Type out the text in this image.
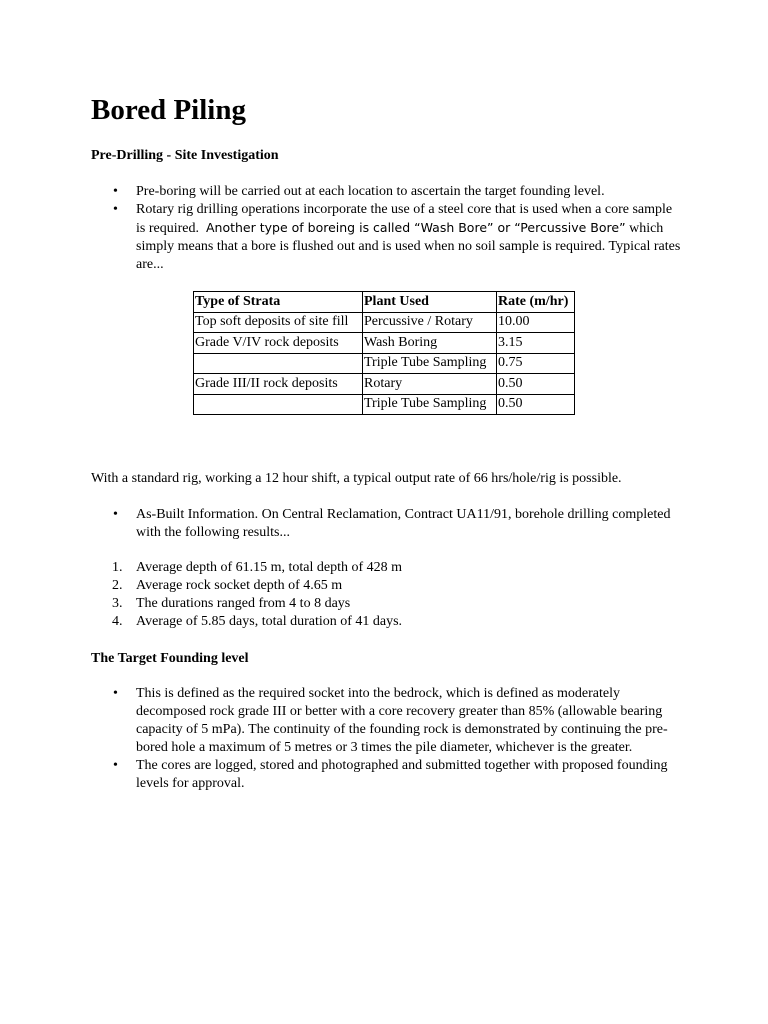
Bored Piling

Pre-Drilling - Site Investigation

• Pre-boring will be carried out at each location to ascertain the target founding level.
• Rotary rig drilling operations incorporate the use of a steel core that is used when a core sample is required. Another type of boreing is called “Wash Bore” or “Percussive Bore” which simply means that a bore is flushed out and is used when no soil sample is required. Typical rates are...
Type of Strata	Plant Used	Rate (m/hr)
Top soft deposits of site fill	Percussive / Rotary	10.00
Grade V/IV rock deposits	Wash Boring	3.15
	Triple Tube Sampling	0.75
Grade III/II rock deposits	Rotary	0.50
	Triple Tube Sampling	0.50

With a standard rig, working a 12 hour shift, a typical output rate of 66 hrs/hole/rig is possible.

• As-Built Information. On Central Reclamation, Contract UA11/91, borehole drilling completed with the following results...
1. Average depth of 61.15 m, total depth of 428 m
2. Average rock socket depth of 4.65 m
3. The durations ranged from 4 to 8 days
4. Average of 5.85 days, total duration of 41 days.

The Target Founding level

• This is defined as the required socket into the bedrock, which is defined as moderately decomposed rock grade III or better with a core recovery greater than 85% (allowable bearing capacity of 5 mPa). The continuity of the founding rock is demonstrated by continuing the pre-bored hole a maximum of 5 metres or 3 times the pile diameter, whichever is the greater.
• The cores are logged, stored and photographed and submitted together with proposed founding levels for approval.
